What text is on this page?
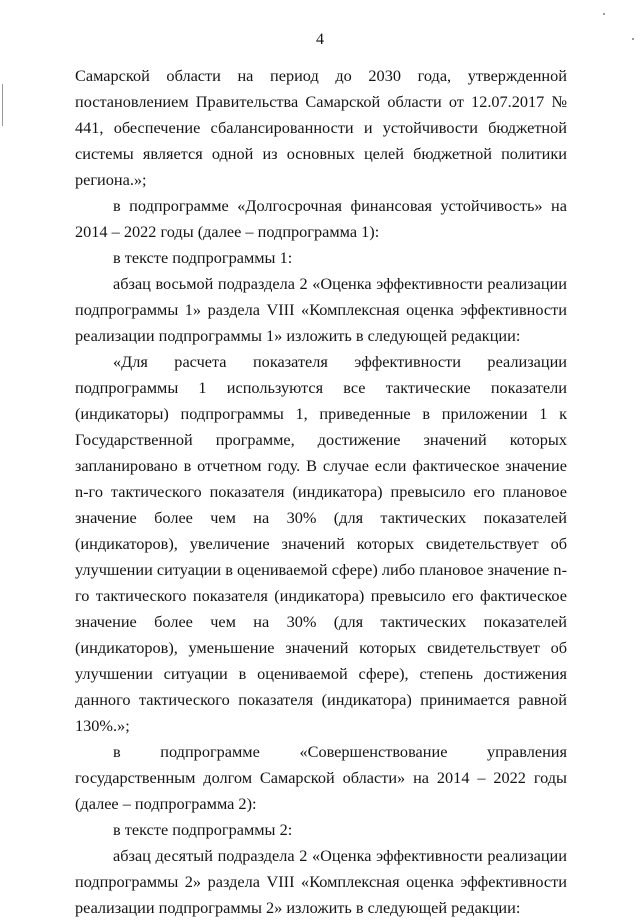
4

Самарской области на период до 2030 года, утвержденной постановлением Правительства Самарской области от 12.07.2017 № 441, обеспечение сбалансированности и устойчивости бюджетной системы является одной из основных целей бюджетной политики региона.»;

в подпрограмме «Долгосрочная финансовая устойчивость» на 2014 – 2022 годы (далее – подпрограмма 1):

в тексте подпрограммы 1:

абзац восьмой подраздела 2 «Оценка эффективности реализации подпрограммы 1» раздела VIII «Комплексная оценка эффективности реализации подпрограммы 1» изложить в следующей редакции:

«Для расчета показателя эффективности реализации подпрограммы 1 используются все тактические показатели (индикаторы) подпрограммы 1, приведенные в приложении 1 к Государственной программе, достижение значений которых запланировано в отчетном году. В случае если фактическое значение n-го тактического показателя (индикатора) превысило его плановое значение более чем на 30% (для тактических показателей (индикаторов), увеличение значений которых свидетельствует об улучшении ситуации в оцениваемой сфере) либо плановое значение n-го тактического показателя (индикатора) превысило его фактическое значение более чем на 30% (для тактических показателей (индикаторов), уменьшение значений которых свидетельствует об улучшении ситуации в оцениваемой сфере), степень достижения данного тактического показателя (индикатора) принимается равной 130%.»;

в подпрограмме «Совершенствование управления государственным долгом Самарской области» на 2014 – 2022 годы (далее – подпрограмма 2):

в тексте подпрограммы 2:

абзац десятый подраздела 2 «Оценка эффективности реализации подпрограммы 2» раздела VIII «Комплексная оценка эффективности реализации подпрограммы 2» изложить в следующей редакции:
